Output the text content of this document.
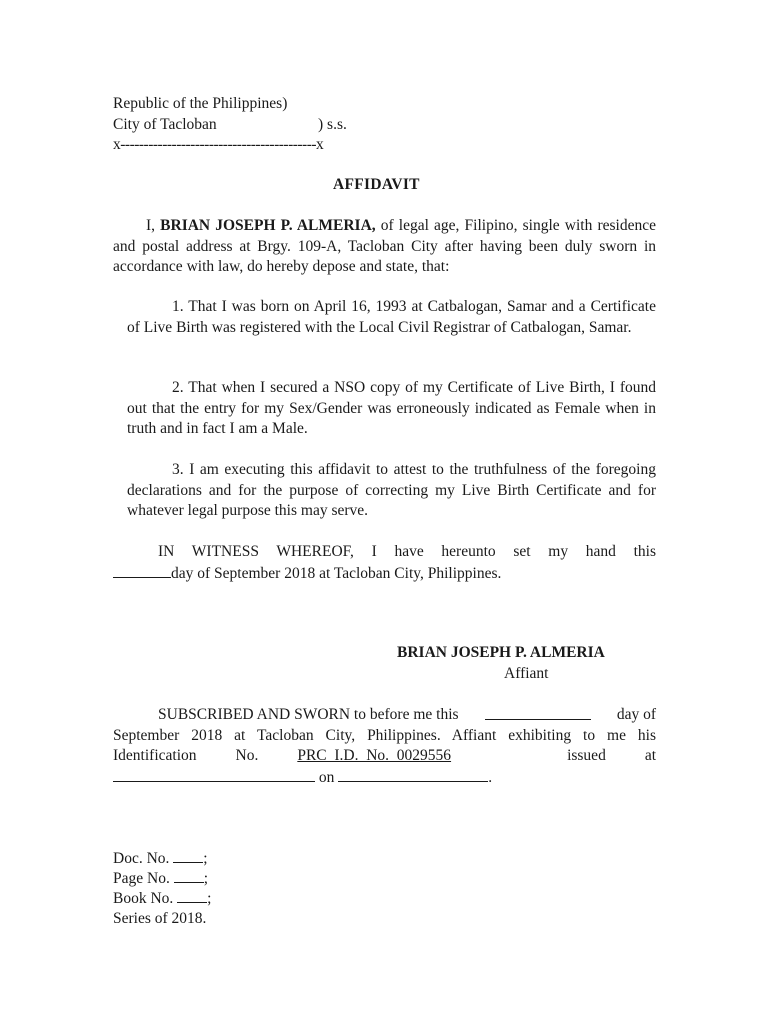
Republic of the Philippines)
City of Tacloban	) s.s.
x------------------------------------------x
AFFIDAVIT
I, BRIAN JOSEPH P. ALMERIA, of legal age, Filipino, single with residence and postal address at Brgy. 109-A, Tacloban City after having been duly sworn in accordance with law, do hereby depose and state, that:
1. That I was born on April 16, 1993 at Catbalogan, Samar and a Certificate of Live Birth was registered with the Local Civil Registrar of Catbalogan, Samar.
2. That when I secured a NSO copy of my Certificate of Live Birth, I found out that the entry for my Sex/Gender was erroneously indicated as Female when in truth and in fact I am a Male.
3. I am executing this affidavit to attest to the truthfulness of the foregoing declarations and for the purpose of correcting my Live Birth Certificate and for whatever legal purpose this may serve.
IN WITNESS WHEREOF, I have hereunto set my hand this
day of September 2018 at Tacloban City, Philippines.
BRIAN JOSEPH P. ALMERIA
Affiant
SUBSCRIBED AND SWORN to before me this	day of
September 2018 at Tacloban City, Philippines. Affiant exhibiting to me his
Identification	No.	PRC  I.D.  No.  0029556	issued	at
on	.
Doc. No. ;
Page No. ;
Book No. ;
Series of 2018.
